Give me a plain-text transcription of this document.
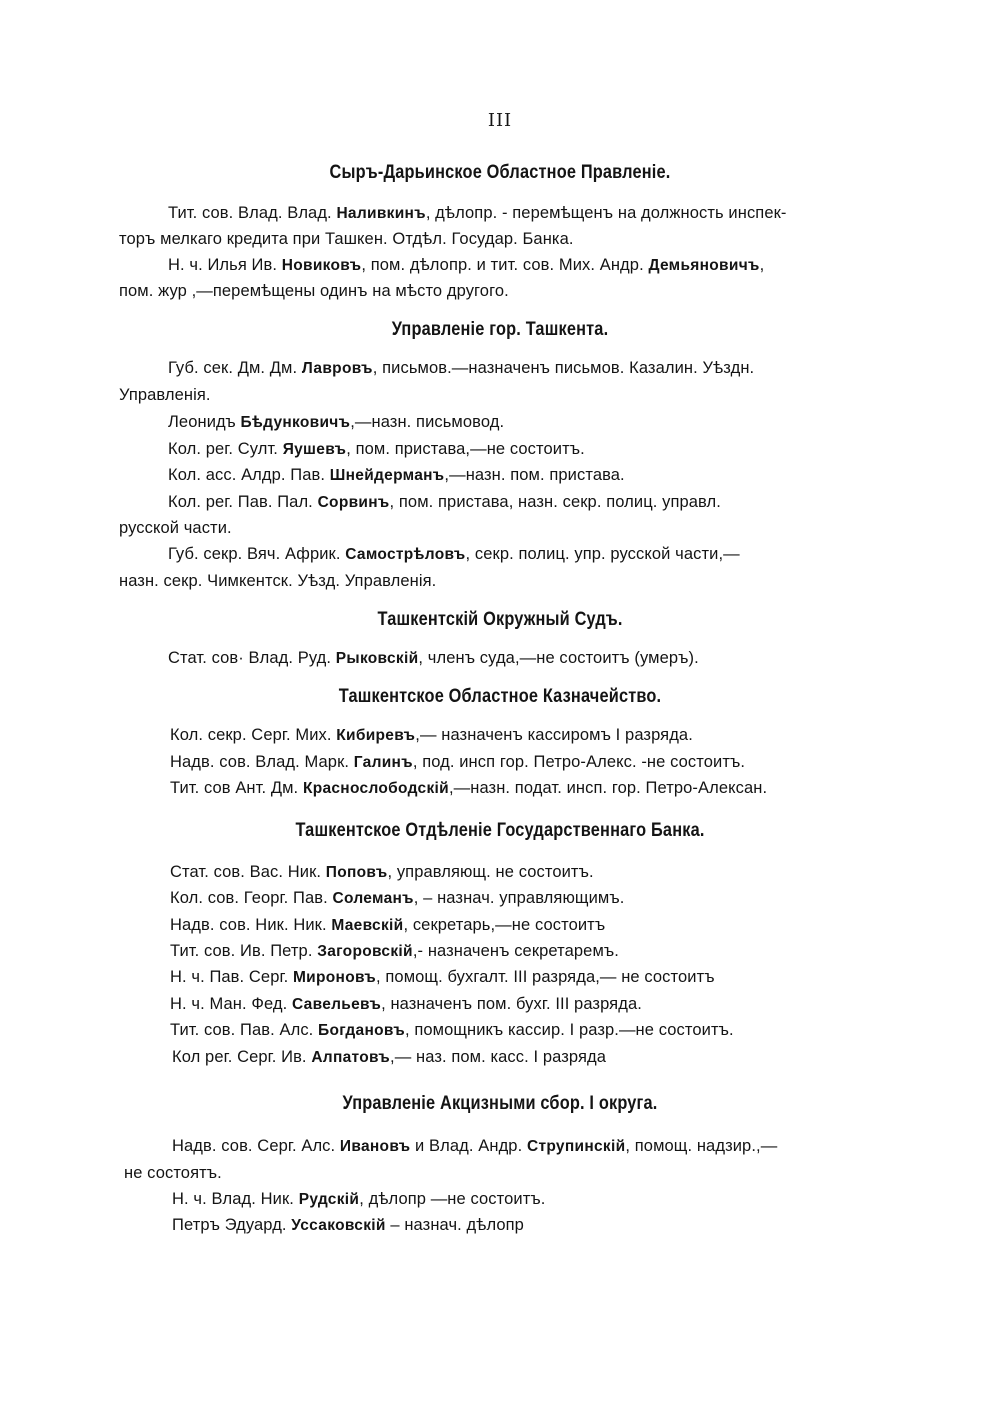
III
Сыръ-Дарьинское Областное Правленіе.
Тит. сов. Влад. Влад. Наливкинъ, дѣлопр. - перемѣщенъ на должность инспек-
торъ мелкаго кредита при Ташкен. Отдѣл. Государ. Банка.
Н. ч. Илья Ив. Новиковъ, пом. дѣлопр. и тит. сов. Мих. Андр. Демьяновичъ,
пом. жур ,—перемѣщены одинъ на мѣсто другого.
Управленіе гор. Ташкента.
Губ. сек. Дм. Дм. Лавровъ, письмов.—назначенъ письмов. Казалин. Уѣздн.
Управленія.
Леонидъ Бѣдунковичъ,—назн. письмовод.
Кол. рег. Султ. Яушевъ, пом. пристава,—не состоитъ.
Кол. асс. Алдр. Пав. Шнейдерманъ,—назн. пом. пристава.
Кол. рег. Пав. Пал. Сорвинъ, пом. пристава, назн. секр. полиц. управл.
русской части.
Губ. секр. Вяч. Африк. Самострѣловъ, секр. полиц. упр. русской части,—
назн. секр. Чимкентск. Уѣзд. Управленія.
Ташкентскій Окружный Судъ.
Стат. сов· Влад. Руд. Рыковскій, членъ суда,—не состоитъ (умеръ).
Ташкентское Областное Казначейство.
Кол. секр. Серг. Мих. Кибиревъ,— назначенъ кассиромъ I разряда.
Надв. сов. Влад. Марк. Галинъ, под. инсп гор. Петро-Алекс. -не состоитъ.
Тит. сов Ант. Дм. Краснослободскій,—назн. подат. инсп. гор. Петро-Алексан.
Ташкентское Отдѣленіе Государственнаго Банка.
Стат. сов. Вас. Ник. Поповъ, управляющ. не состоитъ.
Кол. сов. Георг. Пав. Солеманъ, – назнач. управляющимъ.
Надв. сов. Ник. Ник. Маевскій, секретарь,—не состоитъ
Тит. сов. Ив. Петр. Загоровскій,- назначенъ секретаремъ.
Н. ч. Пав. Серг. Мироновъ, помощ. бухгалт. III разряда,— не состоитъ
Н. ч. Ман. Фед. Савельевъ, назначенъ пом. бухг. III разряда.
Тит. сов. Пав. Алс. Богдановъ, помощникъ кассир. I разр.—не состоитъ.
Кол рег. Серг. Ив. Алпатовъ,— наз. пом. касс. I разряда
Управленіе Акцизными сбор. I округа.
Надв. сов. Серг. Алс. Ивановъ и Влад. Андр. Струпинскій, помощ. надзир.,—
не состоятъ.
Н. ч. Влад. Ник. Рудскій, дѣлопр —не состоитъ.
Петръ Эдуард. Уссаковскій – назнач. дѣлопр
